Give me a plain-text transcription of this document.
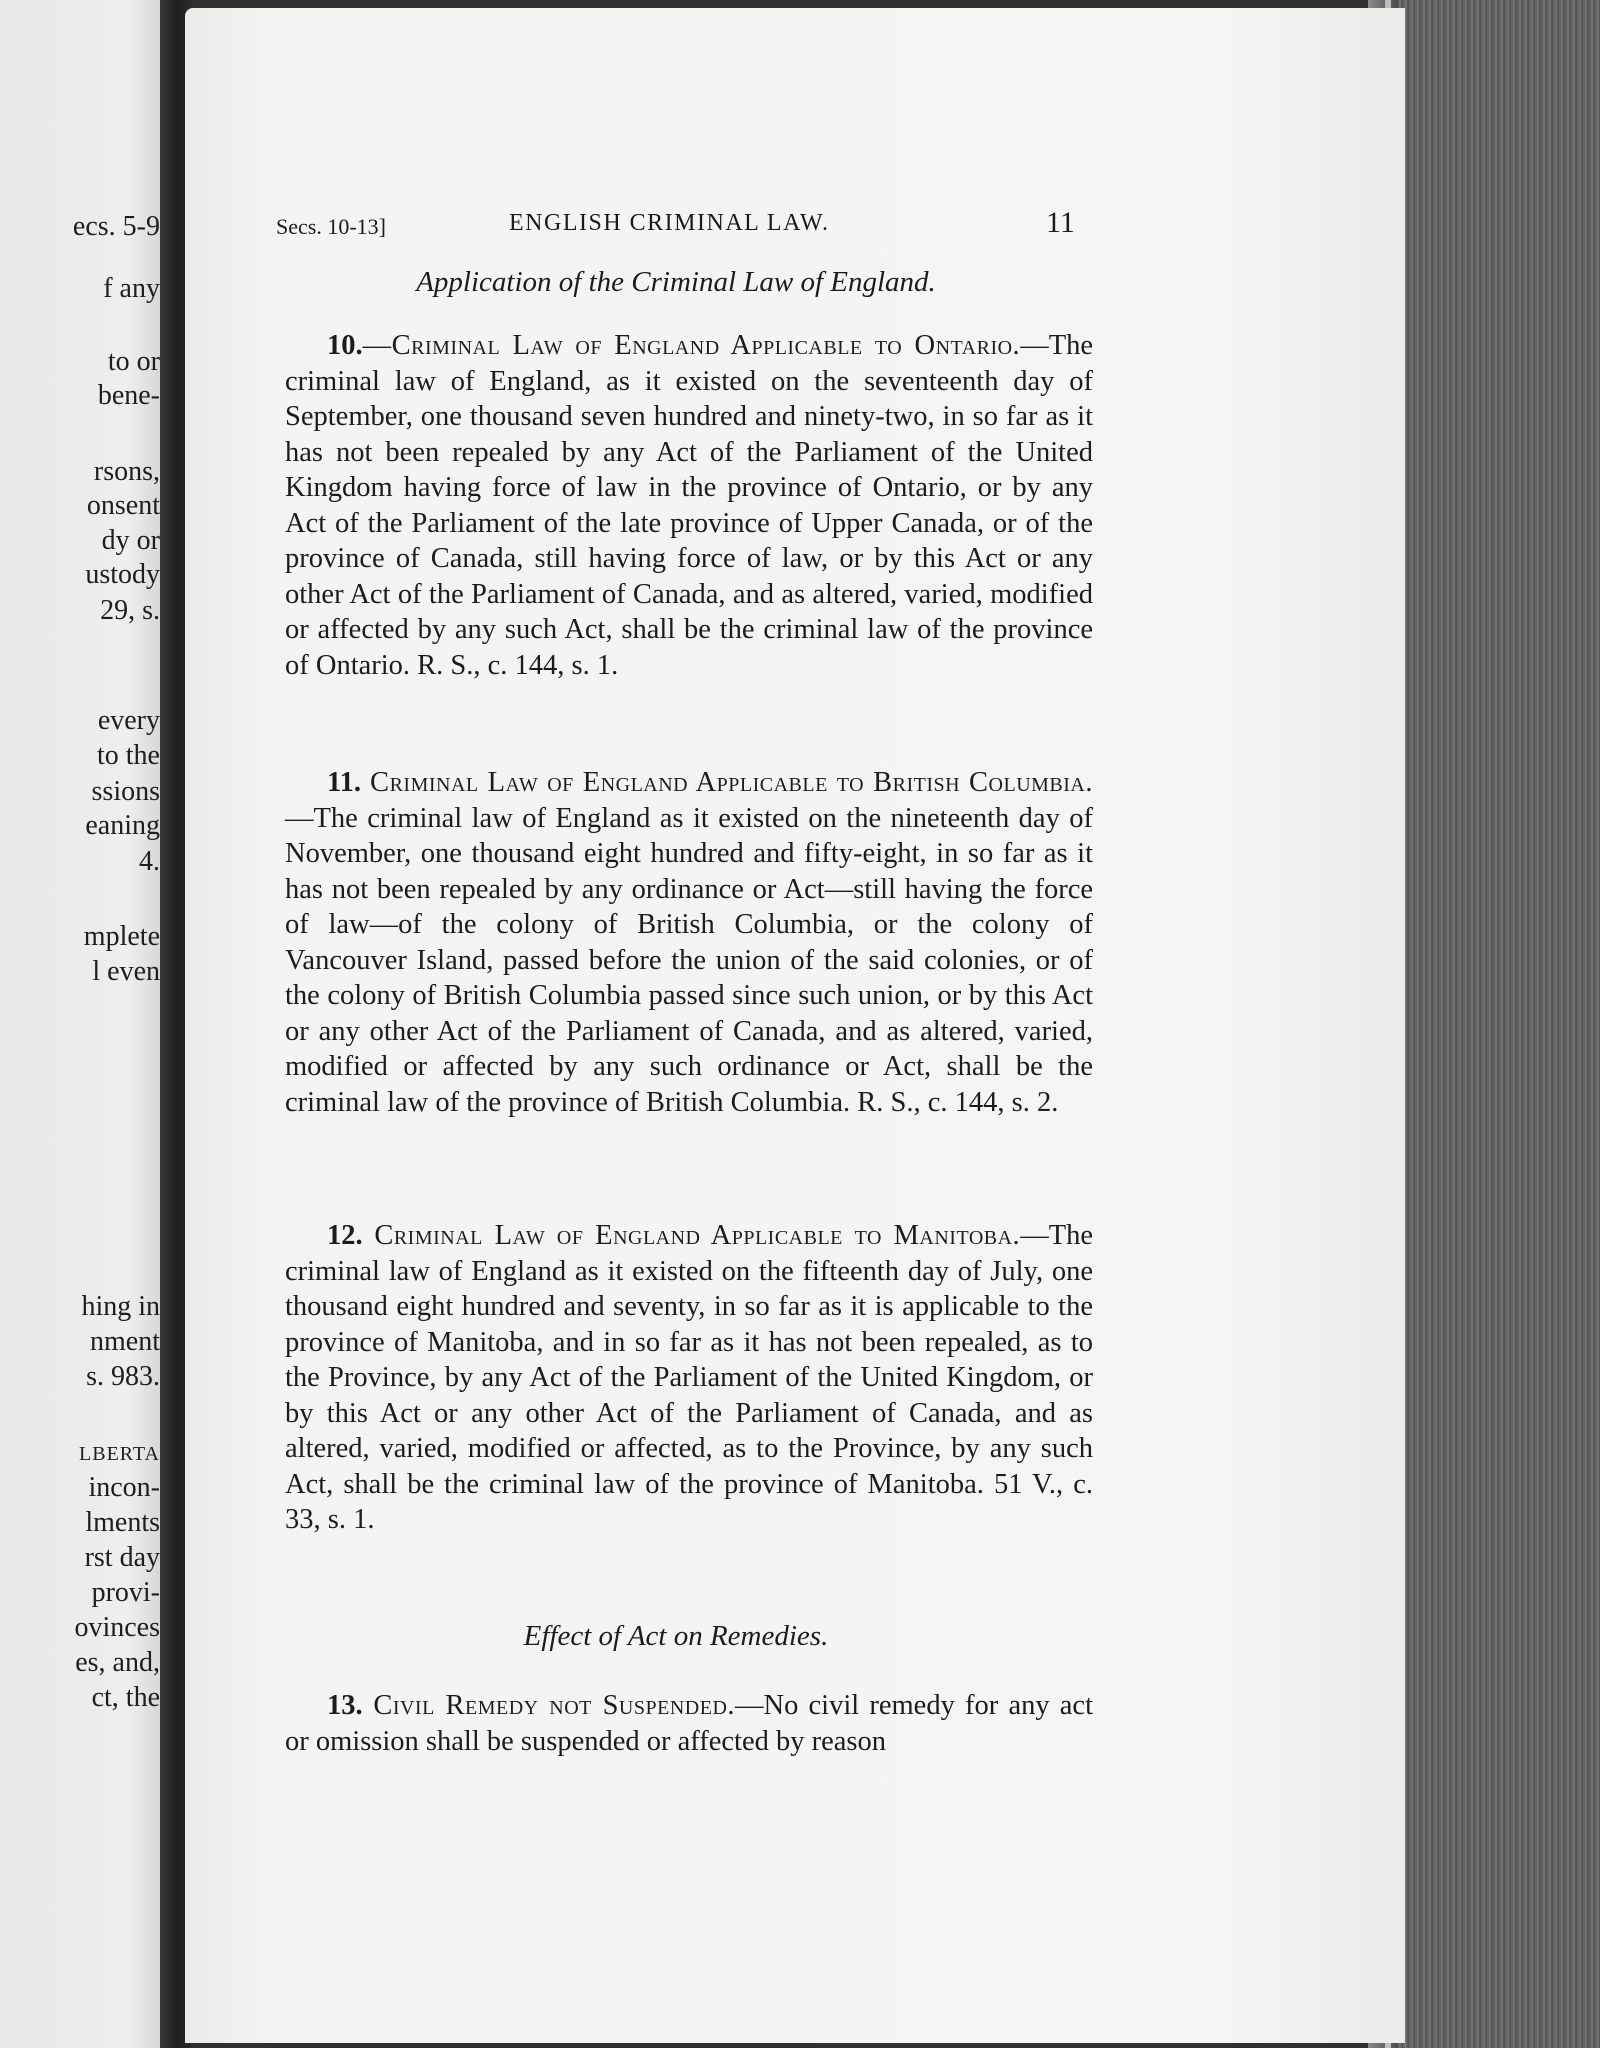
ecs. 5-9
f any
to or
bene-
rsons,
onsent
dy or
ustody
29, s.
every
to the
ssions
eaning
4.
mplete
l even
hing in
nment
s. 983.
LBERTA
incon-
lments
rst day
provi-
ovinces
es, and,
ct, the
Secs. 10-13]	ENGLISH CRIMINAL LAW.	11
Application of the Criminal Law of England.
10.—Criminal Law of England Applicable to Ontario.—The criminal law of England, as it existed on the seventeenth day of September, one thousand seven hundred and ninety-two, in so far as it has not been repealed by any Act of the Parliament of the United Kingdom having force of law in the province of Ontario, or by any Act of the Parliament of the late province of Upper Canada, or of the province of Canada, still having force of law, or by this Act or any other Act of the Parliament of Canada, and as altered, varied, modified or affected by any such Act, shall be the criminal law of the province of Ontario. R. S., c. 144, s. 1.
11. Criminal Law of England Applicable to British Columbia.—The criminal law of England as it existed on the nineteenth day of November, one thousand eight hundred and fifty-eight, in so far as it has not been repealed by any ordinance or Act—still having the force of law—of the colony of British Columbia, or the colony of Vancouver Island, passed before the union of the said colonies, or of the colony of British Columbia passed since such union, or by this Act or any other Act of the Parliament of Canada, and as altered, varied, modified or affected by any such ordinance or Act, shall be the criminal law of the province of British Columbia. R. S., c. 144, s. 2.
12. Criminal Law of England Applicable to Manitoba.—The criminal law of England as it existed on the fifteenth day of July, one thousand eight hundred and seventy, in so far as it is applicable to the province of Manitoba, and in so far as it has not been repealed, as to the Province, by any Act of the Parliament of the United Kingdom, or by this Act or any other Act of the Parliament of Canada, and as altered, varied, modified or affected, as to the Province, by any such Act, shall be the criminal law of the province of Manitoba. 51 V., c. 33, s. 1.
Effect of Act on Remedies.
13. Civil Remedy not Suspended.—No civil remedy for any act or omission shall be suspended or affected by reason
